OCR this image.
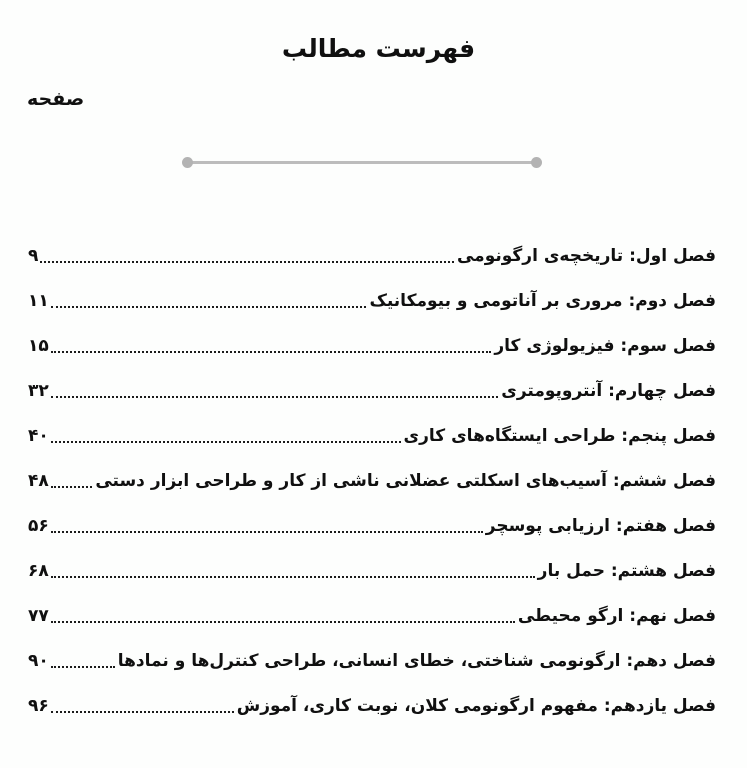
فهرست مطالب
صفحه
فصل اول: تاریخچه‌ی ارگونومی
۹
فصل دوم: مروری بر آناتومی و بیومکانیک
۱۱
فصل سوم: فیزیولوژی کار
۱۵
فصل چهارم: آنتروپومتری
۳۲
فصل پنجم: طراحی ایستگاه‌های کاری
۴۰
فصل ششم: آسیب‌های اسکلتی عضلانی ناشی از کار و طراحی ابزار دستی
۴۸
فصل هفتم: ارزیابی پوسچر
۵۶
فصل هشتم: حمل بار
۶۸
فصل نهم: ارگو محیطی
۷۷
فصل دهم: ارگونومی شناختی، خطای انسانی، طراحی کنترل‌ها و نمادها
۹۰
فصل یازدهم: مفهوم ارگونومی کلان، نوبت کاری، آموزش
۹۶
